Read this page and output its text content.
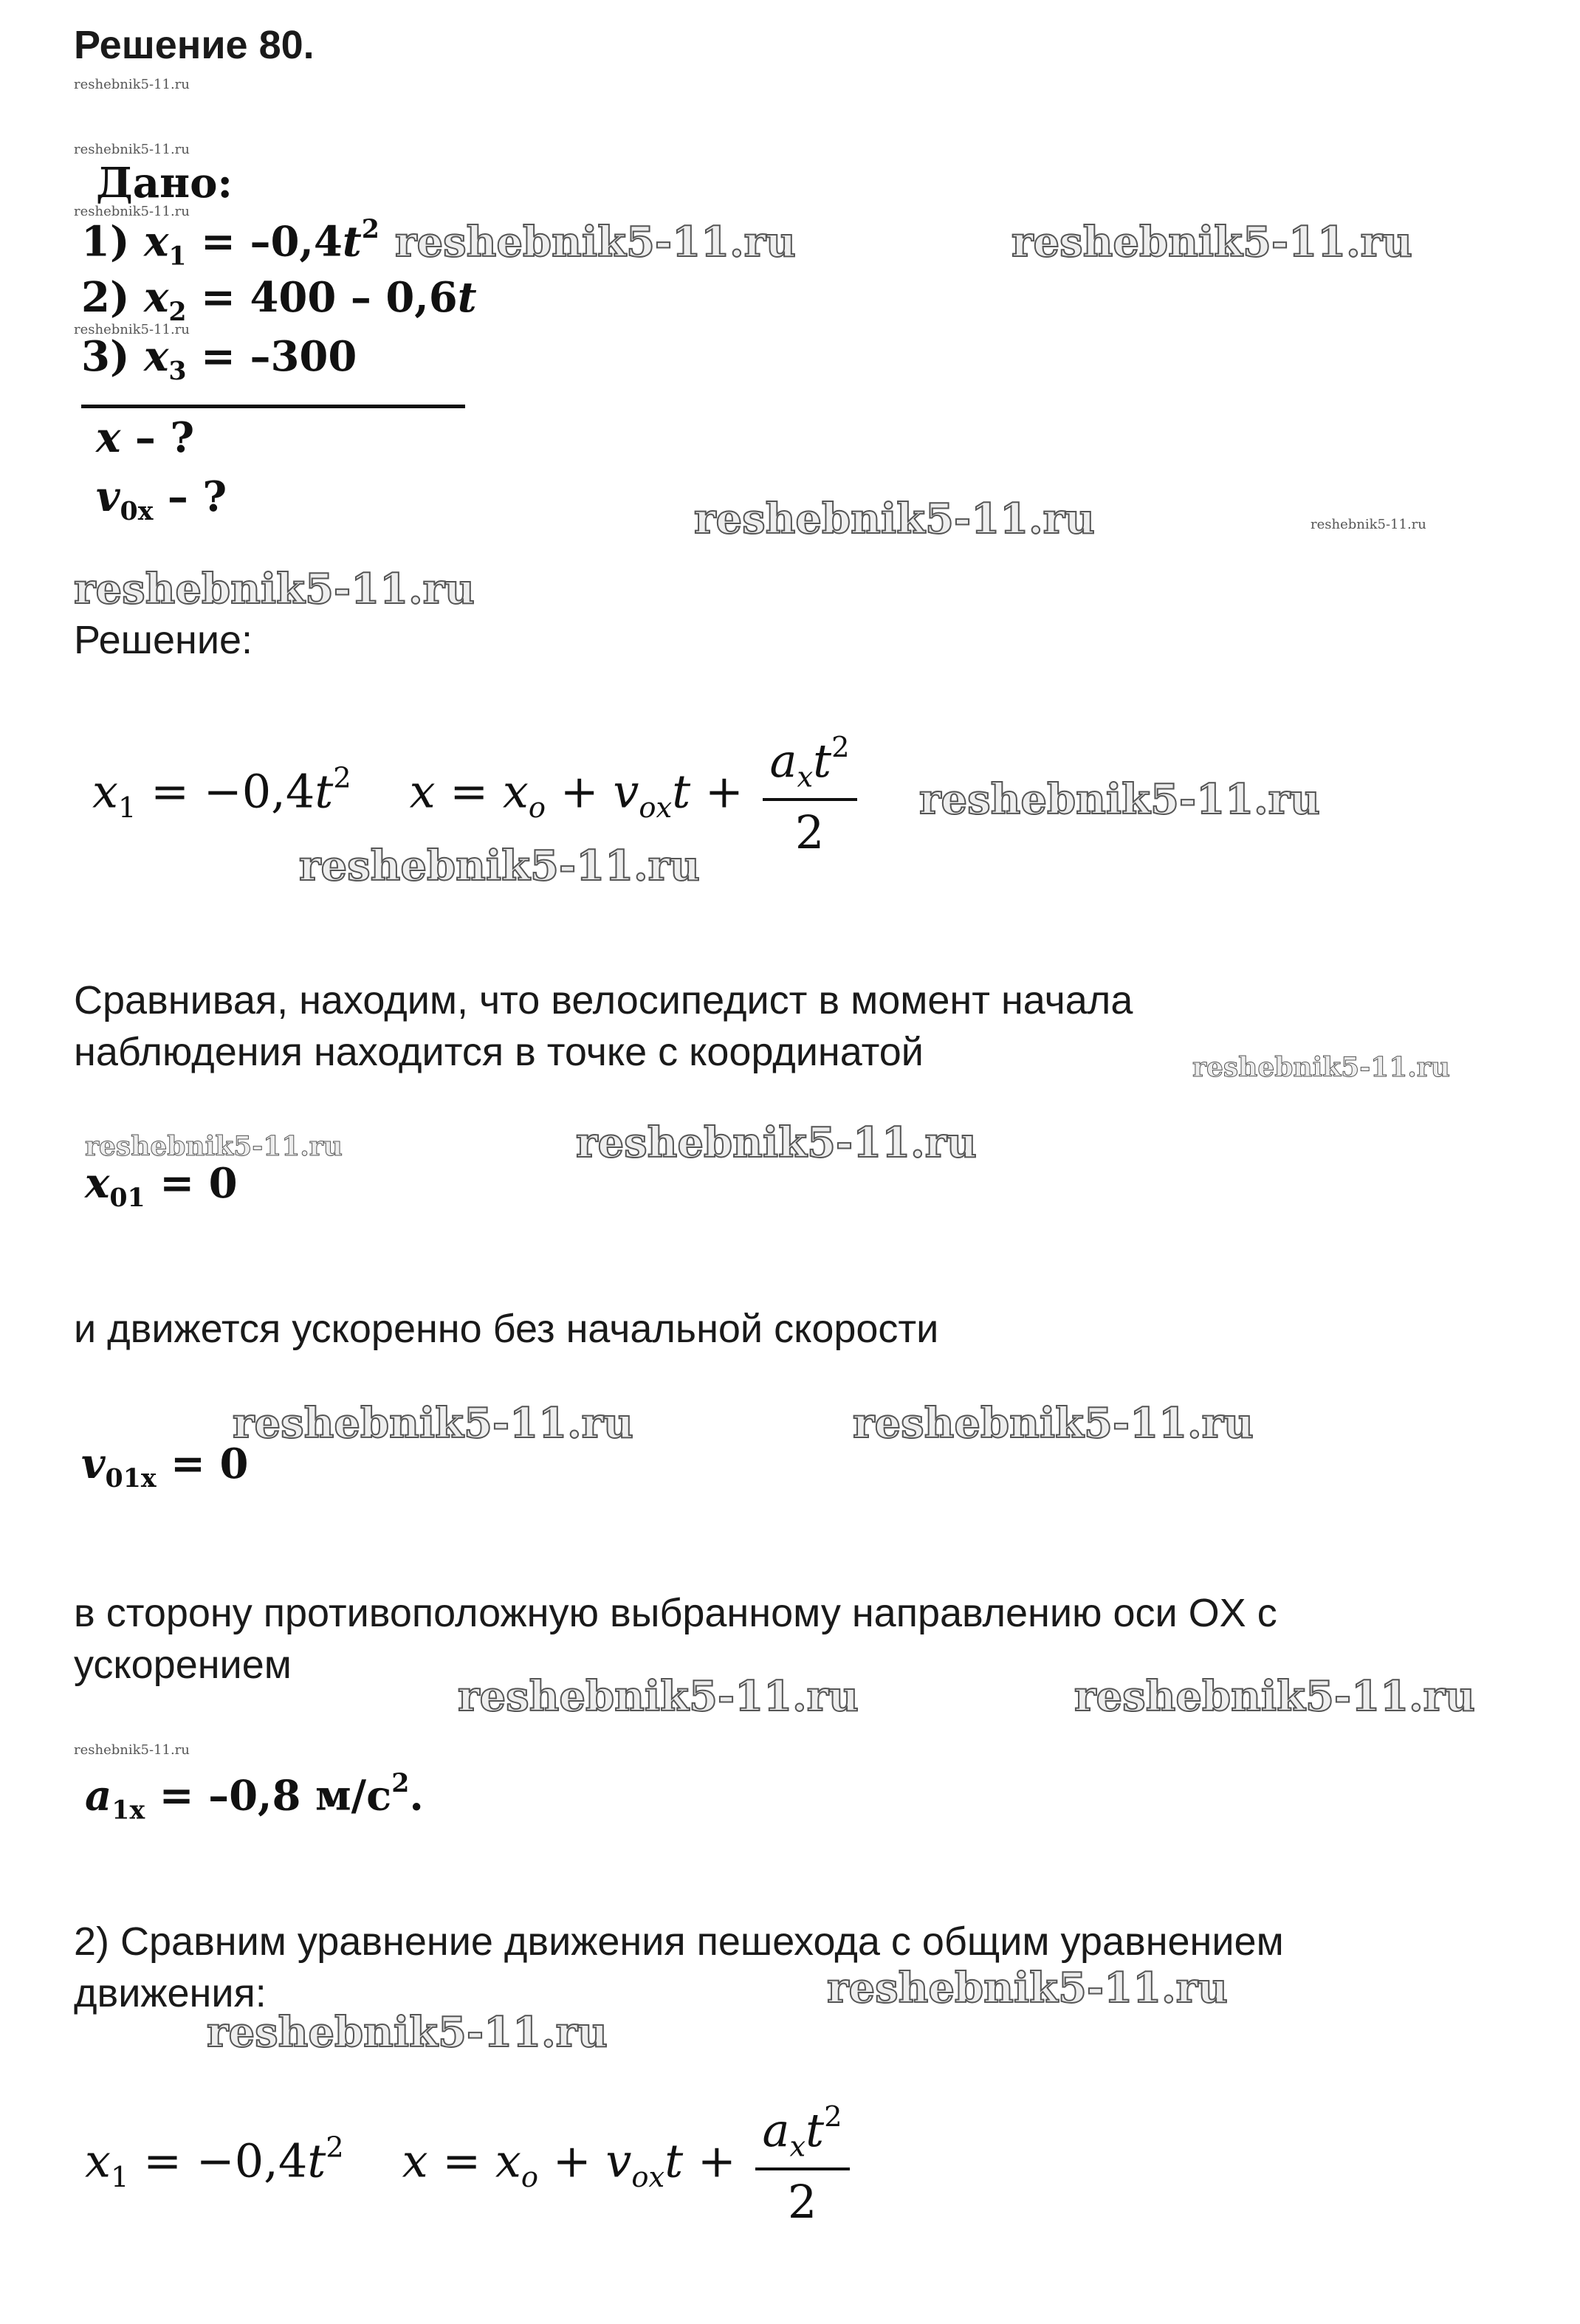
Решение 80.
reshebnik5-11.ru
reshebnik5-11.ru
reshebnik5-11.ru
reshebnik5-11.ru
reshebnik5-11.ru	reshebnik5-11.ru
reshebnik5-11.ru	reshebnik5-11.ru
reshebnik5-11.ru
reshebnik5-11.ru
reshebnik5-11.ru
reshebnik5-11.ru
reshebnik5-11.ru	reshebnik5-11.ru
reshebnik5-11.ru	reshebnik5-11.ru
reshebnik5-11.ru	reshebnik5-11.ru
reshebnik5-11.ru
reshebnik5-11.ru
reshebnik5-11.ru
Дано:
1) $x_1 = -0,4t^2$
2) $x_2 = 400 - 0,6t$
3) $x_3 = -300$
x – ?
$v_{0x}$ – ?
Решение:
$x_1 = -0,4t^2$ $x = x_o + v_{ox}t + \frac{a_xt^2}{2}$
Сравнивая, находим, что велосипедист в момент начала
наблюдения находится в точке с координатой
$x_{01} = 0$
и движется ускоренно без начальной скорости
$v_{01x} = 0$
в сторону противоположную выбранному направлению оси OX с
ускорением
$a_{1x} = -0,8$ $м/с^2$.
2) Сравним уравнение движения пешехода с общим уравнением
движения:
$x_1 = -0,4t^2$ $x = x_o + v_{ox}t + \frac{a_xt^2}{2}$
